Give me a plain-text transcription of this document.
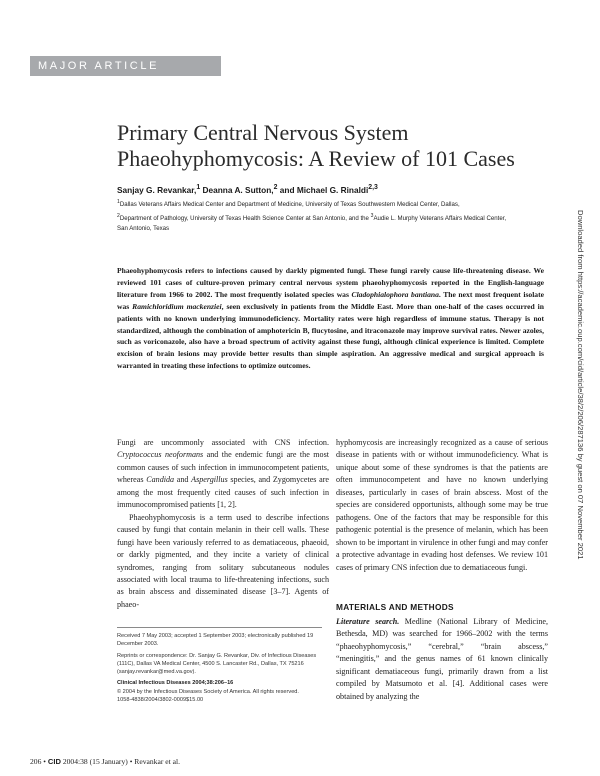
MAJOR ARTICLE
Primary Central Nervous System
Phaeohyphomycosis: A Review of 101 Cases
Sanjay G. Revankar,$^1$ Deanna A. Sutton,$^2$ and Michael G. Rinaldi$^{2,3}$
$^1$Dallas Veterans Affairs Medical Center and Department of Medicine, University of Texas Southwestern Medical Center, Dallas,
$^2$Department of Pathology, University of Texas Health Science Center at San Antonio, and the $^3$Audie L. Murphy Veterans Affairs Medical Center,
San Antonio, Texas	Downloaded from https://academic.oup.com/cid/article/38/2/206/287136 by guest on 07 November 2021
Phaeohyphomycosis refers to infections caused by darkly pigmented fungi. These fungi rarely cause life-threatening disease. We reviewed 101 cases of culture-proven primary central nervous system phaeohyphomycosis reported in the English-language literature from 1966 to 2002. The most frequently isolated species was Cladophialophora bantiana. The next most frequent isolate was Ramichloridium mackenziei, seen exclusively in patients from the Middle East. More than one-half of the cases occurred in patients with no known underlying immunodeficiency. Mortality rates were high regardless of immune status. Therapy is not standardized, although the combination of amphotericin B, flucytosine, and itraconazole may improve survival rates. Newer azoles, such as voriconazole, also have a broad spectrum of activity against these fungi, although clinical experience is limited. Complete excision of brain lesions may provide better results than simple aspiration. An aggressive medical and surgical approach is warranted in treating these infections to optimize outcomes.

Fungi are uncommonly associated with CNS infection. Cryptococcus neoformans and the endemic fungi are the most common causes of such infection in immunocompetent patients, whereas Candida and Aspergillus species, and Zygomycetes are among the most frequently cited causes of such infection in immunocompromised patients [1, 2].

Phaeohyphomycosis is a term used to describe infections caused by fungi that contain melanin in their cell walls. These fungi have been variously referred to as dematiaceous, phaeoid, or darkly pigmented, and they incite a variety of clinical syndromes, ranging from solitary subcutaneous nodules associated with local trauma to life-threatening infections, such as brain abscess and disseminated disease [3–7]. Agents of phaeo-

Received 7 May 2003; accepted 1 September 2003; electronically published 19 December 2003.

Reprints or correspondence: Dr. Sanjay G. Revankar, Div. of Infectious Diseases (111C), Dallas VA Medical Center, 4500 S. Lancaster Rd., Dallas, TX 75216 (sanjay.revankar@med.va.gov).

Clinical Infectious Diseases 2004;38:206–16

© 2004 by the Infectious Diseases Society of America. All rights reserved.

1058-4838/2004/3802-0009$15.00

hyphomycosis are increasingly recognized as a cause of serious disease in patients with or without immunodeficiency. What is unique about some of these syndromes is that the patients are often immunocompetent and have no known underlying diseases, particularly in cases of brain abscess. Most of the species are considered opportunists, although some may be true pathogens. One of the factors that may be responsible for this pathogenic potential is the presence of melanin, which has been shown to be important in virulence in other fungi and may confer a protective advantage in evading host defenses. We review 101 cases of primary CNS infection due to dematiaceous fungi.

MATERIALS AND METHODS
Literature search. Medline (National Library of Medicine, Bethesda, MD) was searched for 1966–2002 with the terms “phaeohyphomycosis,” “cerebral,” “brain abscess,” “meningitis,” and the genus names of 61 known clinically significant dematiaceous fungi, primarily drawn from a list compiled by Matsumoto et al. [4]. Additional cases were obtained by analyzing the
206 • CID 2004:38 (15 January) • Revankar et al.
